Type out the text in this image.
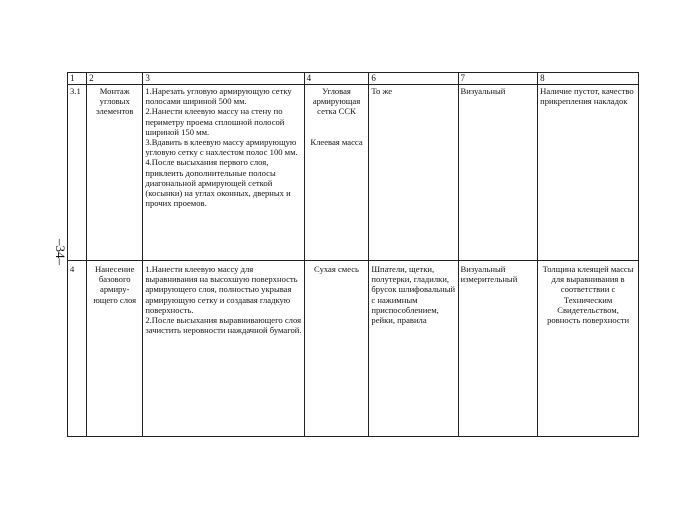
–34–
1	2	3	4	6	7	8
3.1	Монтаж угловых элементов	1.Нарезать угловую армирующую сетку полосами шириной 500 мм.
2.Нанести клеевую массу на стену по периметру проема сплошной полосой шириной 150 мм.
3.Вдавить в клеевую массу армирующую угловую сетку с нахлестом полос 100 мм.
4.После высыхания первого слоя, приклеить дополнительные полосы диагональной армирующей сеткой (косынки) на углах оконных, дверных и прочих проемов.	Угловая армирующая сетка ССК
Клеевая масса	То же	Визуальный	Наличие пустот, качество прикрепления накладок
4	Нанесение базового армиру-ющего слоя	1.Нанести клеевую массу для выравнивания на высохшую поверхность армирующего слоя, полностью укрывая армирующую сетку и создавая гладкую поверхность.
2.После высыхания выравнивающего слоя зачистить неровности наждачной бумагой.	Сухая смесь	Шпатели, щетки, полутерки, гладилки, брусок шлифовальный с нажимным приспособлением, рейки, правила	Визуальный измерительный	Толщина клеящей массы для выравнивания в соответствии с Техническим Свидетельством, ровность поверхности
